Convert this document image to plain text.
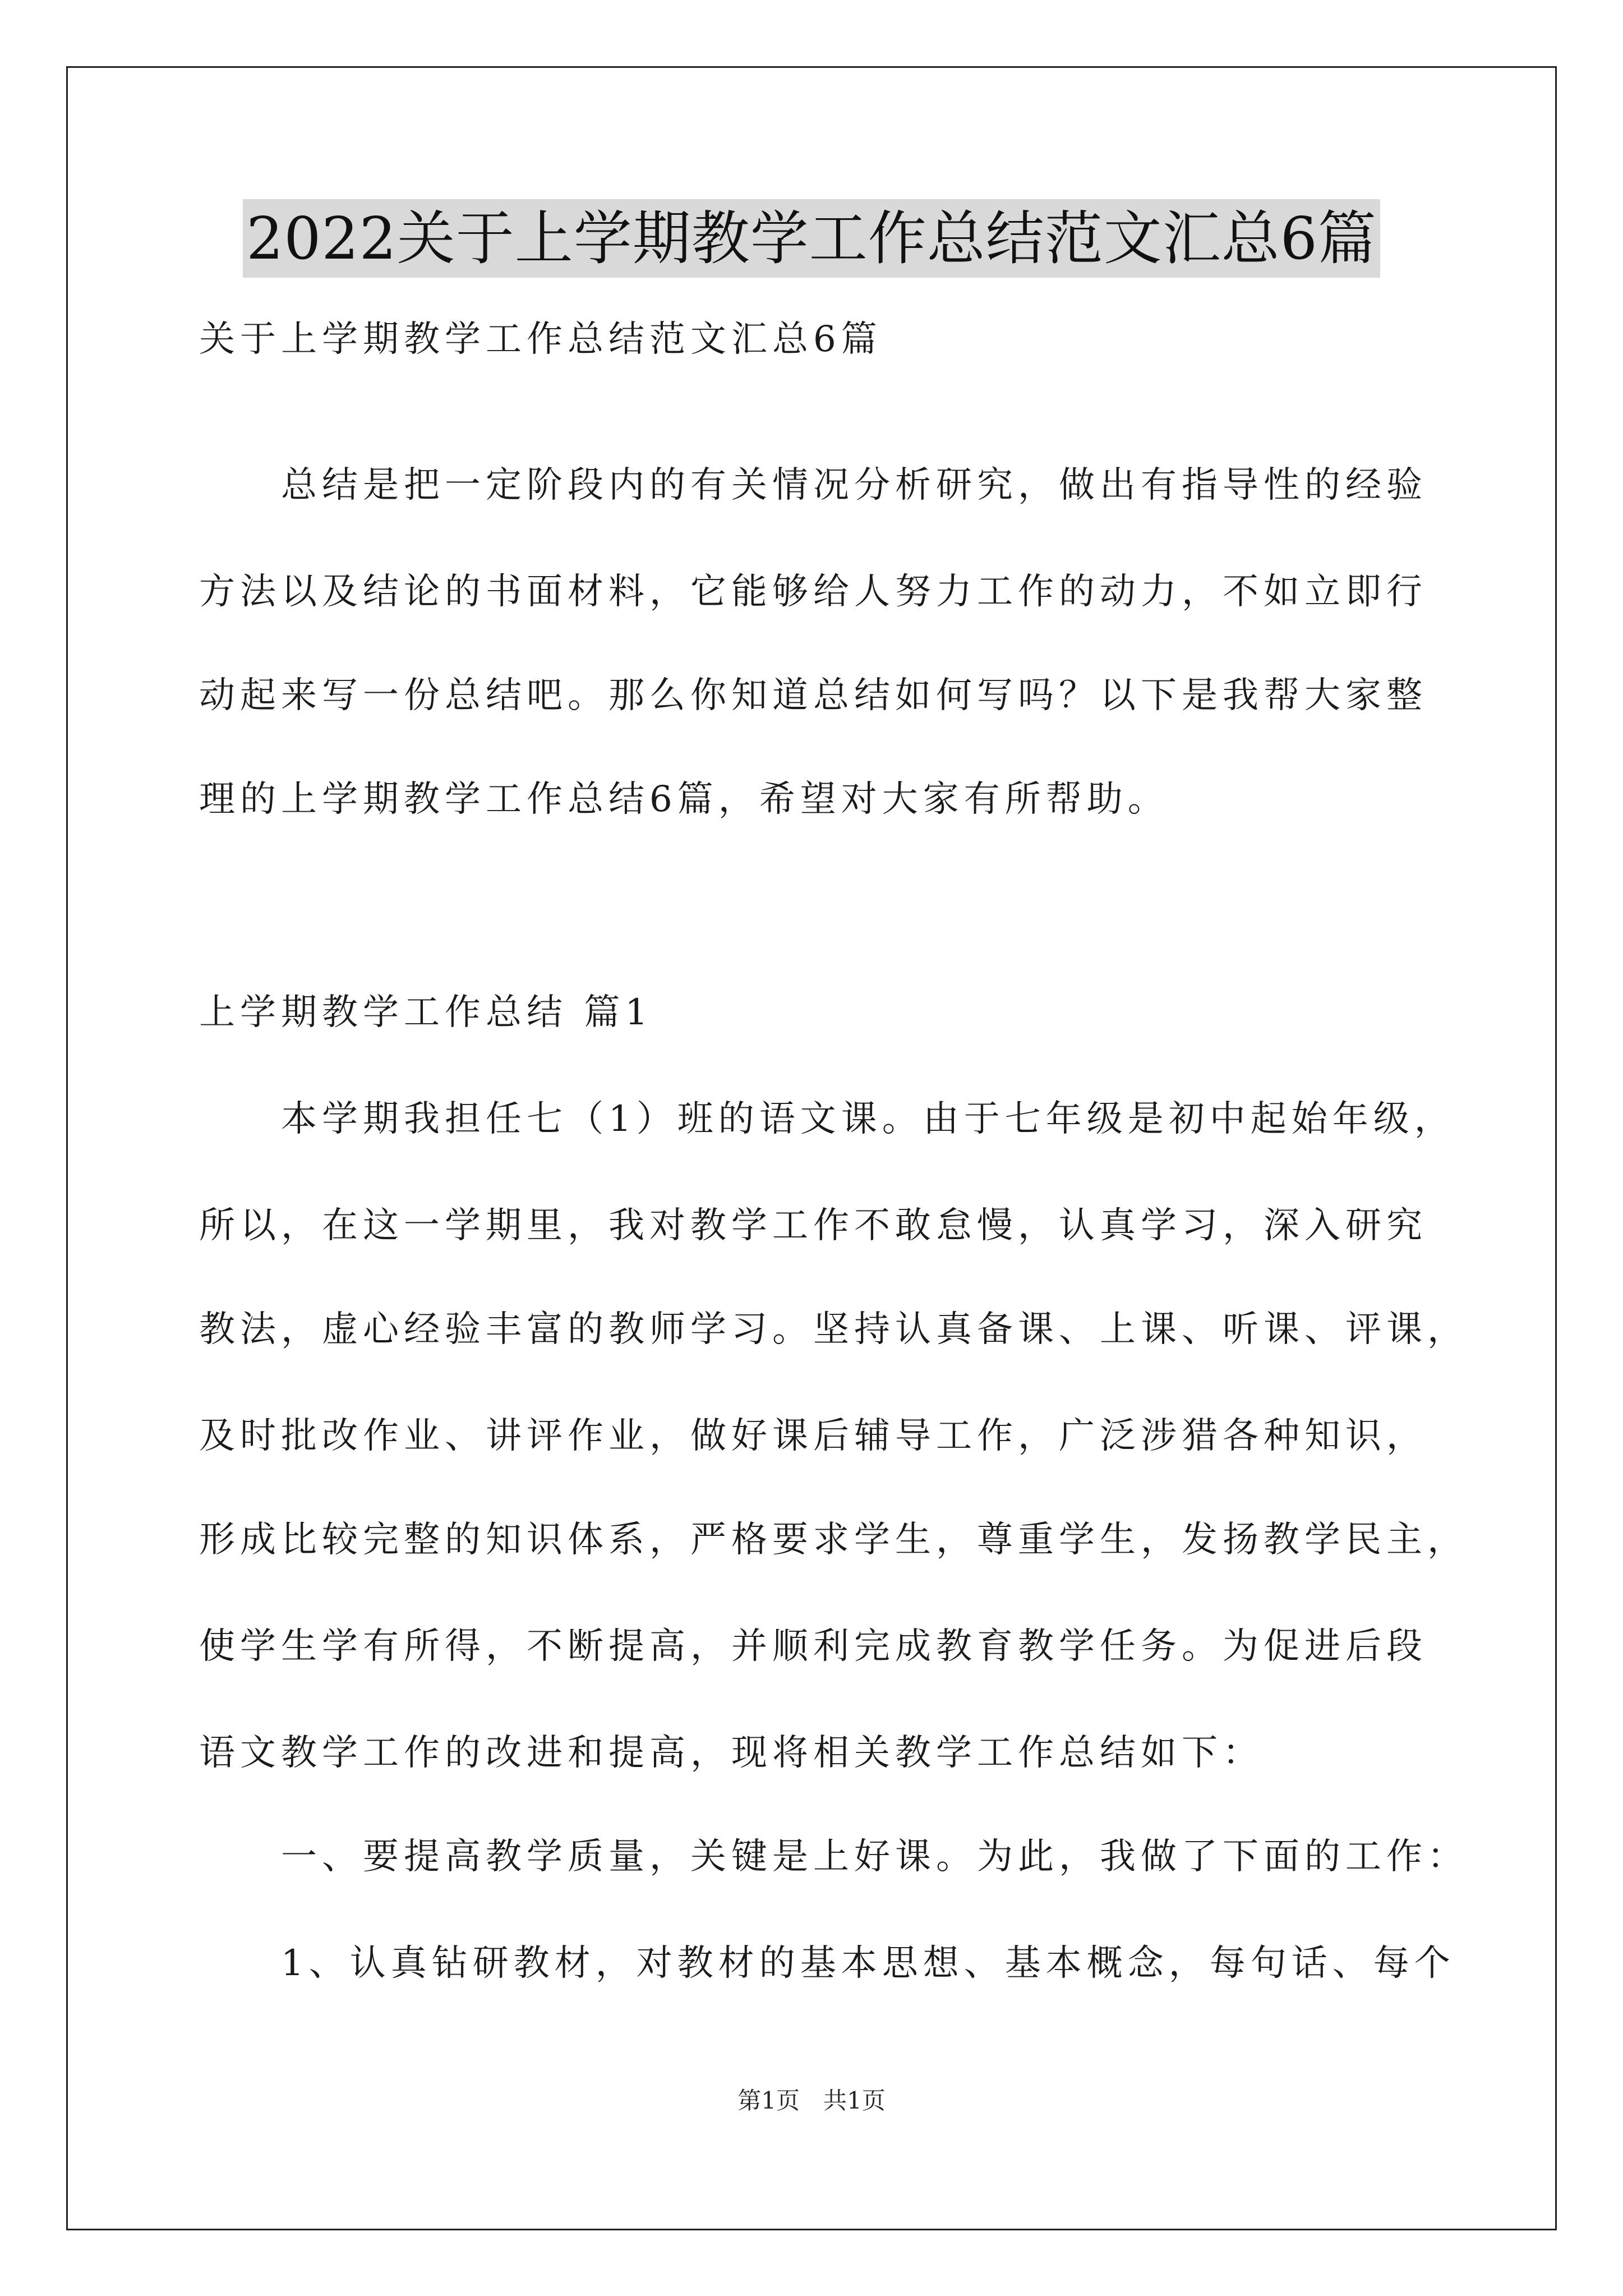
2022关于上学期教学工作总结范文汇总6篇
关于上学期教学工作总结范文汇总6篇
　　总结是把一定阶段内的有关情况分析研究，做出有指导性的经验
方法以及结论的书面材料，它能够给人努力工作的动力，不如立即行
动起来写一份总结吧。那么你知道总结如何写吗？以下是我帮大家整
理的上学期教学工作总结6篇，希望对大家有所帮助。
上学期教学工作总结 篇1
　　本学期我担任七（1）班的语文课。由于七年级是初中起始年级，
所以，在这一学期里，我对教学工作不敢怠慢，认真学习，深入研究
教法，虚心经验丰富的教师学习。坚持认真备课、上课、听课、评课，
及时批改作业、讲评作业，做好课后辅导工作，广泛涉猎各种知识，
形成比较完整的知识体系，严格要求学生，尊重学生，发扬教学民主，
使学生学有所得，不断提高，并顺利完成教育教学任务。为促进后段
语文教学工作的改进和提高，现将相关教学工作总结如下：
　　一、要提高教学质量，关键是上好课。为此，我做了下面的工作：
　　1、认真钻研教材，对教材的基本思想、基本概念，每句话、每个
第1页　共1页
